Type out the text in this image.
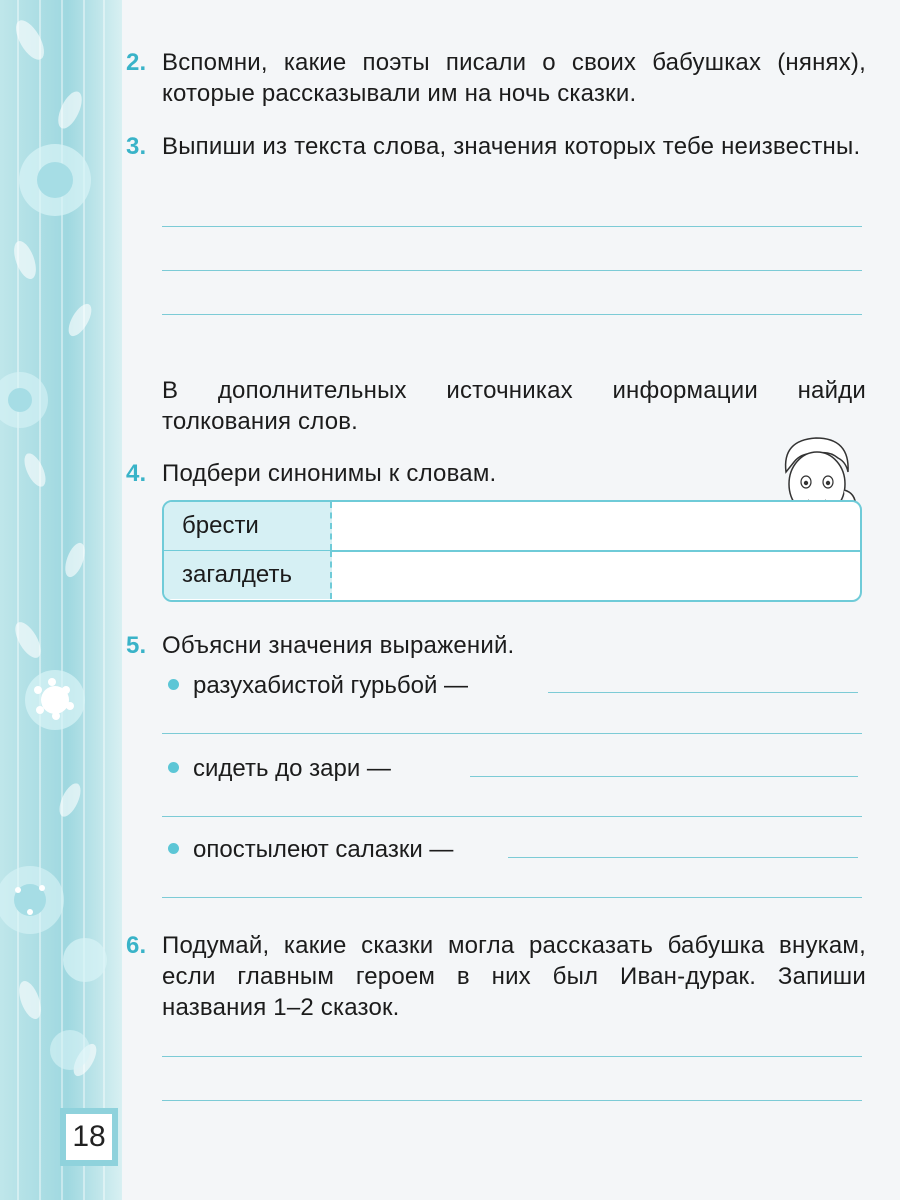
18
2. Вспомни, какие поэты писали о своих бабушках (нянях), которые рассказывали им на ночь сказки.
3. Выпиши из текста слова, значения которых тебе неизвестны.
В дополнительных источниках информации найди толкования слов.
4. Подбери синонимы к словам.
брести
загалдеть
5. Объясни значения выражений.
разухабистой гурьбой —
сидеть до зари —
опостылеют салазки —
6. Подумай, какие сказки могла рассказать бабушка внукам, если главным героем в них был Иван-дурак. Запиши названия 1–2 сказок.
